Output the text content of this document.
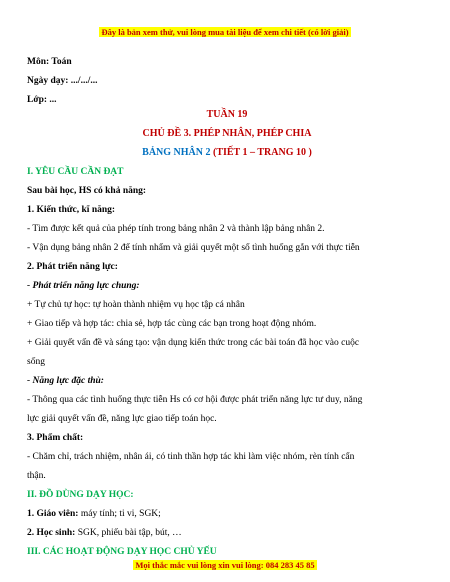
Đây là bản xem thử, vui lòng mua tài liệu để xem chi tiết (có lời giải)
Môn: Toán
Ngày dạy: .../.../...
Lớp: ...
TUẦN 19
CHỦ ĐỀ 3. PHÉP NHÂN, PHÉP CHIA
BẢNG NHÂN 2 (TIẾT 1 – TRANG 10 )
I. YÊU CẦU CẦN ĐẠT
Sau bài học, HS có khả năng:
1. Kiến thức, kĩ năng:
- Tìm được kết quả của phép tính trong bảng nhân 2 và thành lập bảng nhân 2.
- Vận dụng bảng nhân 2 để tính nhẩm và giải quyết một số tình huống gắn với thực tiễn
2. Phát triển năng lực:
- Phát triển năng lực chung:
+ Tự chủ tự học: tự hoàn thành nhiệm vụ học tập cá nhân
+ Giao tiếp và hợp tác: chia sẻ, hợp tác cùng các bạn trong hoạt động nhóm.
+ Giải quyết vấn đề và sáng tạo: vận dụng kiến thức trong các bài toán đã học vào cuộc
sống
- Năng lực đặc thù:
- Thông qua các tình huống thực tiễn Hs có cơ hội được phát triển năng lực tư duy, năng
lực giải quyết vấn đề, năng lực giao tiếp toán học.
3. Phẩm chất:
- Chăm chỉ, trách nhiệm, nhân ái, có tinh thần hợp tác khi làm việc nhóm, rèn tính cẩn
thận.
II. ĐỒ DÙNG DẠY HỌC:
1. Giáo viên: máy tính; ti vi, SGK;
2. Học sinh: SGK, phiếu bài tập, bút, …
III. CÁC HOẠT ĐỘNG DẠY HỌC CHỦ YẾU
Mọi thắc mắc vui lòng xin vui lòng: 084 283 45 85
